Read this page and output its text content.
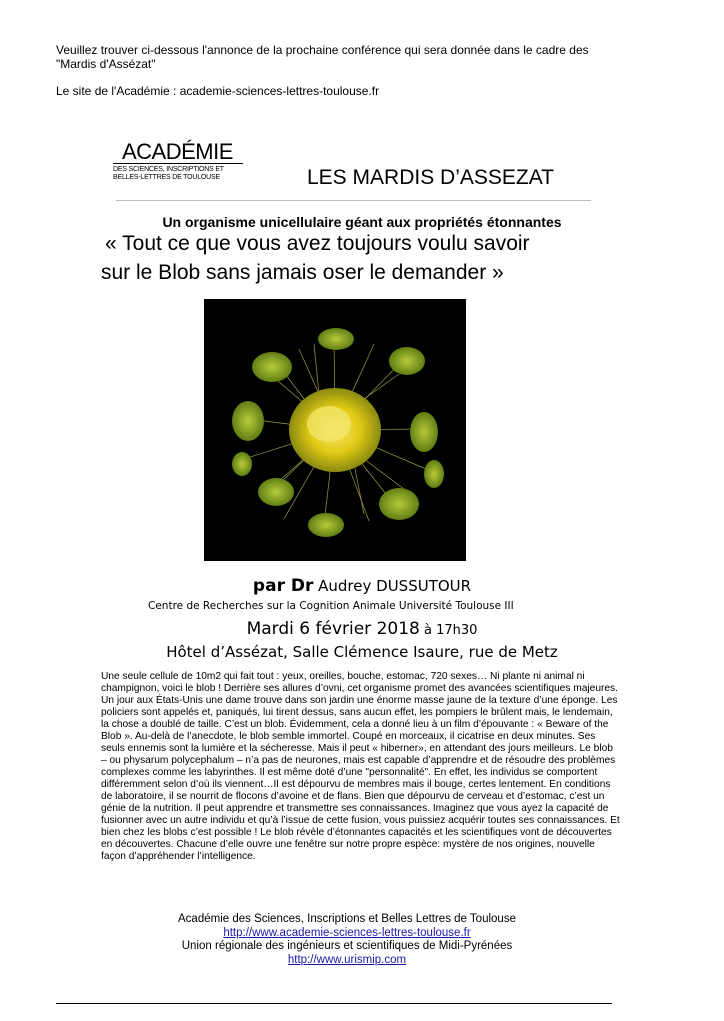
Veuillez trouver ci-dessous l'annonce de la prochaine conférence qui sera donnée dans le cadre des "Mardis d'Assézat"
Le site de l'Académie : academie-sciences-lettres-toulouse.fr
ACADÉMIE
DES SCIENCES, INSCRIPTIONS ET
BELLES-LETTRES DE TOULOUSE	LES MARDIS D’ASSEZAT
Un organisme unicellulaire géant aux propriétés étonnantes
« Tout ce que vous avez toujours voulu savoir
sur le Blob sans jamais oser le demander »
par Dr Audrey DUSSUTOUR
Centre de Recherches sur la Cognition Animale Université Toulouse III
Mardi 6 février 2018 à 17h30
Hôtel d’Assézat, Salle Clémence Isaure, rue de Metz
Une seule cellule de 10m2 qui fait tout : yeux, oreilles, bouche, estomac, 720 sexes… Ni plante ni animal ni champignon, voici le blob ! Derrière ses allures d’ovni, cet organisme promet des avancées scientifiques majeures. Un jour aux États-Unis une dame trouve dans son jardin une énorme masse jaune de la texture d’une éponge. Les policiers sont appelés et, paniqués, lui tirent dessus, sans aucun effet, les pompiers le brûlent mais, le lendemain, la chose a doublé de taille. C’est un blob. Évidemment, cela a donné lieu à un film d’épouvante : « Beware of the Blob ». Au-delà de l’anecdote, le blob semble immortel. Coupé en morceaux, il cicatrise en deux minutes. Ses seuls ennemis sont la lumière et la sécheresse. Mais il peut « hiberner», en attendant des jours meilleurs. Le blob – ou physarum polycephalum – n’a pas de neurones, mais est capable d’apprendre et de résoudre des problèmes complexes comme les labyrinthes. Il est même doté d’une "personnalité". En effet, les individus se comportent différemment selon d’où ils viennent…Il est dépourvu de membres mais il bouge, certes lentement. En conditions de laboratoire, il se nourrit de flocons d’avoine et de flans. Bien que dépourvu de cerveau et d’estomac, c’est un génie de la nutrition. Il peut apprendre et transmettre ses connaissances. Imaginez que vous ayez la capacité de fusionner avec un autre individu et qu’à l’issue de cette fusion, vous puissiez acquérir toutes ses connaissances. Et bien chez les blobs c’est possible ! Le blob révèle d’étonnantes capacités et les scientifiques vont de découvertes en découvertes. Chacune d’elle ouvre une fenêtre sur notre propre espèce: mystère de nos origines, nouvelle façon d’appréhender l’intelligence.
Académie des Sciences, Inscriptions et Belles Lettres de Toulouse
http://www.academie-sciences-lettres-toulouse.fr
Union régionale des ingénieurs et scientifiques de Midi-Pyrénées
http://www.urismip.com
